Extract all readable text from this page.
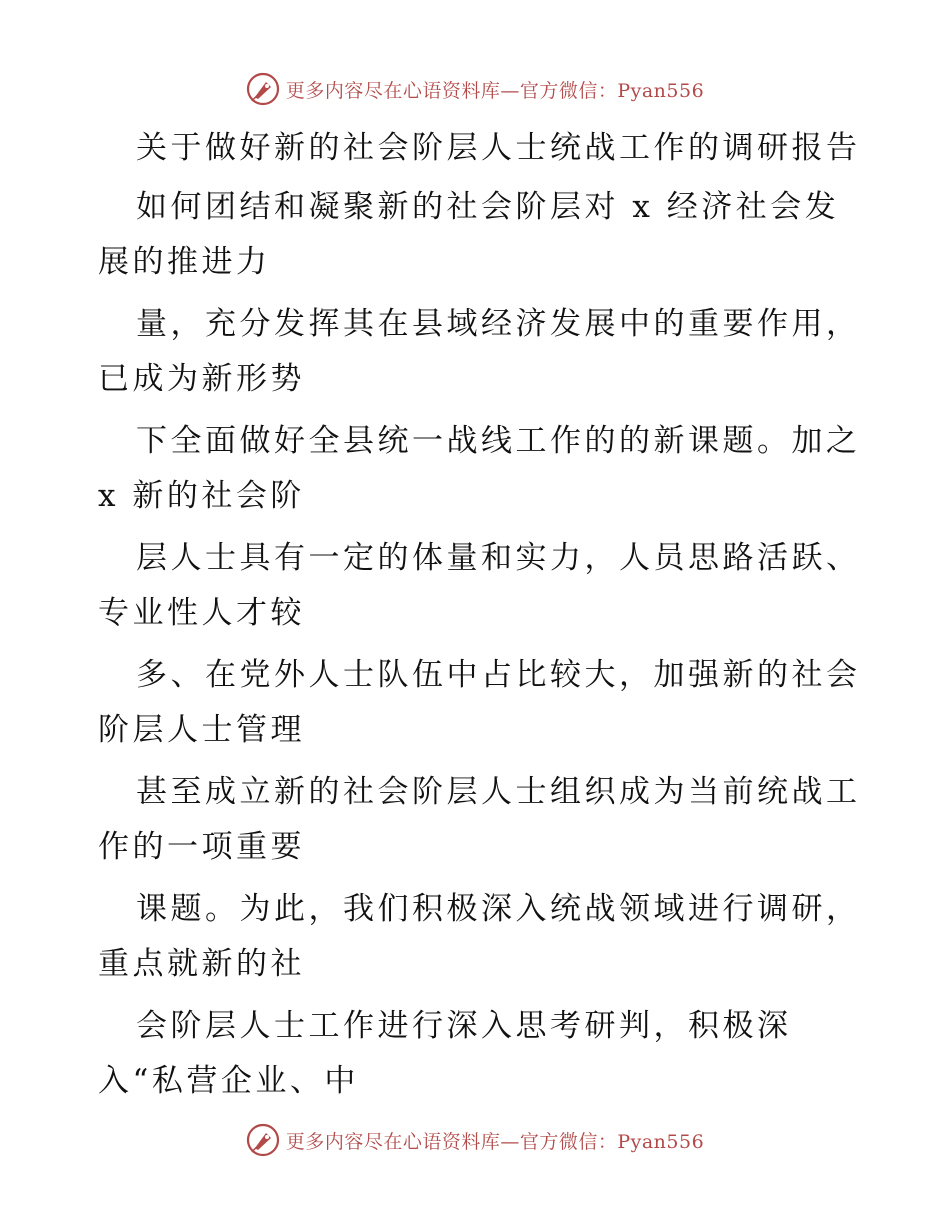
更多内容尽在心语资料库—官方微信：Pyan556
关于做好新的社会阶层人士统战工作的调研报告
如何团结和凝聚新的社会阶层对 x 经济社会发
展的推进力
量，充分发挥其在县域经济发展中的重要作用，
已成为新形势
下全面做好全县统一战线工作的的新课题。加之
x 新的社会阶
层人士具有一定的体量和实力，人员思路活跃、
专业性人才较
多、在党外人士队伍中占比较大，加强新的社会
阶层人士管理
甚至成立新的社会阶层人士组织成为当前统战工
作的一项重要
课题。为此，我们积极深入统战领域进行调研，
重点就新的社
会阶层人士工作进行深入思考研判，积极深
入“私营企业、中
更多内容尽在心语资料库—官方微信：Pyan556
